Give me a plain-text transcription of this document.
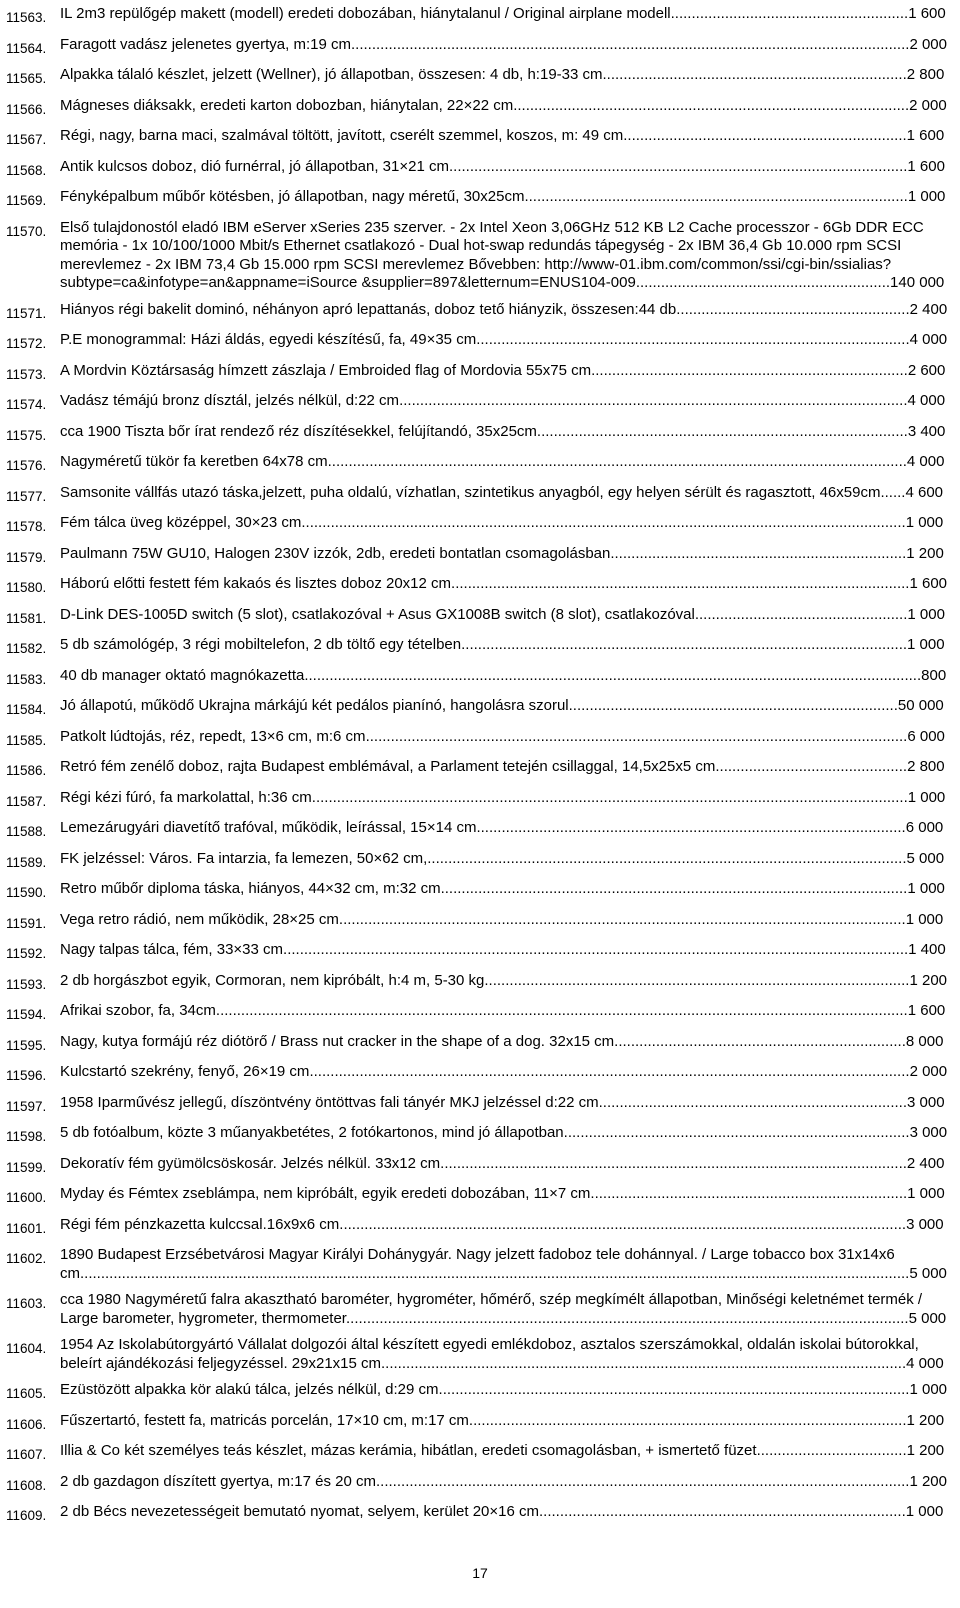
11563. IL 2m3 repülőgép makett (modell) eredeti dobozában, hiánytalanul / Original airplane modell.........................................................1 600
11564. Faragott vadász jelenetes gyertya, m:19 cm......................................................................................................................................2 000
11565. Alpakka tálaló készlet, jelzett (Wellner), jó állapotban, összesen: 4 db, h:19-33 cm.........................................................................2 800
11566. Mágneses diáksakk, eredeti karton dobozban, hiánytalan, 22×22 cm...............................................................................................2 000
11567. Régi, nagy, barna maci, szalmával töltött, javított, cserélt szemmel, koszos, m: 49 cm....................................................................1 600
11568. Antik kulcsos doboz, dió furnérral, jó állapotban, 31×21 cm..............................................................................................................1 600
11569. Fényképalbum műbőr kötésben, jó állapotban, nagy méretű, 30x25cm............................................................................................1 000
11570. Első tulajdonostól eladó IBM eServer xSeries 235 szerver. - 2x Intel Xeon 3,06GHz 512 KB L2 Cache processzor - 6Gb DDR ECC memória - 1x 10/100/1000 Mbit/s Ethernet csatlakozó - Dual hot-swap redundás tápegység - 2x IBM 36,4 Gb 10.000 rpm SCSI merevlemez - 2x IBM 73,4 Gb 15.000 rpm SCSI merevlemez Bővebben: http://www-01.ibm.com/common/ssi/cgi-bin/ssialias?subtype=ca&infotype=an&appname=iSource &supplier=897&letternum=ENUS104-009.............................................................140 000
11571. Hiányos régi bakelit dominó, néhányon apró lepattanás, doboz tető hiányzik, összesen:44 db........................................................2 400
11572. P.E monogrammal: Házi áldás, egyedi készítésű, fa, 49×35 cm........................................................................................................4 000
11573. A Mordvin Köztársaság hímzett zászlaja / Embroided flag of Mordovia 55x75 cm............................................................................2 600
11574. Vadász témájú bronz dísztál, jelzés nélkül, d:22 cm..........................................................................................................................4 000
11575. cca 1900 Tiszta bőr írat rendező réz díszítésekkel, felújítandó, 35x25cm.........................................................................................3 400
11576. Nagyméretű tükör fa keretben 64x78 cm...........................................................................................................................................4 000
11577. Samsonite vállfás utazó táska,jelzett, puha oldalú, vízhatlan, szintetikus anyagból, egy helyen sérült és ragasztott, 46x59cm......4 600
11578. Fém tálca üveg középpel, 30×23 cm.................................................................................................................................................1 000
11579. Paulmann 75W GU10, Halogen 230V izzók, 2db, eredeti bontatlan csomagolásban.......................................................................1 200
11580. Háború előtti festett fém kakaós és lisztes doboz 20x12 cm..............................................................................................................1 600
11581. D-Link DES-1005D switch (5 slot), csatlakozóval + Asus GX1008B switch (8 slot), csatlakozóval...................................................1 000
11582. 5 db számológép, 3 régi mobiltelefon, 2 db töltő egy tételben...........................................................................................................1 000
11583. 40 db manager oktató magnókazetta....................................................................................................................................................800
11584. Jó állapotú, működő Ukrajna márkájú két pedálos pianínó, hangolásra szorul...............................................................................50 000
11585. Patkolt lúdtojás, réz, repedt, 13×6 cm, m:6 cm..................................................................................................................................6 000
11586. Retró fém zenélő doboz, rajta Budapest emblémával, a Parlament tetején csillaggal, 14,5x25x5 cm..............................................2 800
11587. Régi kézi fúró, fa markolattal, h:36 cm...............................................................................................................................................1 000
11588. Lemezárugyári diavetítő trafóval, működik, leírással, 15×14 cm.......................................................................................................6 000
11589. FK jelzéssel: Város. Fa intarzia, fa lemezen, 50×62 cm,...................................................................................................................5 000
11590. Retro műbőr diploma táska, hiányos, 44×32 cm, m:32 cm................................................................................................................1 000
11591. Vega retro rádió, nem működik, 28×25 cm........................................................................................................................................1 000
11592. Nagy talpas tálca, fém, 33×33 cm......................................................................................................................................................1 400
11593. 2 db horgászbot egyik, Cormoran, nem kipróbált, h:4 m, 5-30 kg......................................................................................................1 200
11594. Afrikai szobor, fa, 34cm......................................................................................................................................................................1 600
11595. Nagy, kutya formájú réz diótörő / Brass nut cracker in the shape of a dog. 32x15 cm......................................................................8 000
11596. Kulcstartó szekrény, fenyő, 26×19 cm................................................................................................................................................2 000
11597. 1958 Iparművész jellegű, díszöntvény öntöttvas fali tányér MKJ jelzéssel d:22 cm..........................................................................3 000
11598. 5 db fotóalbum, közte 3 műanyakbetétes, 2 fotókartonos, mind jó állapotban...................................................................................3 000
11599. Dekoratív fém gyümölcsöskosár. Jelzés nélkül. 33x12 cm................................................................................................................2 400
11600. Myday és Fémtex zseblámpa, nem kipróbált, egyik eredeti dobozában, 11×7 cm............................................................................1 000
11601. Régi fém pénzkazetta kulccsal.16x9x6 cm........................................................................................................................................3 000
11602. 1890 Budapest Erzsébetvárosi Magyar Királyi Dohánygyár. Nagy jelzett fadoboz tele dohánnyal. / Large tobacco box 31x14x6 cm.......................................................................................................................................................................................................5 000
11603. cca 1980 Nagyméretű falra akasztható barométer, hygrométer, hőmérő, szép megkímélt állapotban, Minőségi keletnémet termék / Large barometer, hygrometer, thermometer.......................................................................................................................................5 000
11604. 1954 Az Iskolabútorgyártó Vállalat dolgozói által készített egyedi emlékdoboz, asztalos szerszámokkal, oldalán iskolai bútorokkal, beleírt ajándékozási feljegyzéssel. 29x21x15 cm..............................................................................................................................4 000
11605. Ezüstözött alpakka kör alakú tálca, jelzés nélkül, d:29 cm.................................................................................................................1 000
11606. Fűszertartó, festett fa, matricás porcelán, 17×10 cm, m:17 cm.........................................................................................................1 200
11607. Illia & Co két személyes teás készlet, mázas kerámia, hibátlan, eredeti csomagolásban, + ismertető füzet....................................1 200
11608. 2 db gazdagon díszített gyertya, m:17 és 20 cm................................................................................................................................1 200
11609. 2 db Bécs nevezetességeit bemutató nyomat, selyem, kerület 20×16 cm........................................................................................1 000
17
